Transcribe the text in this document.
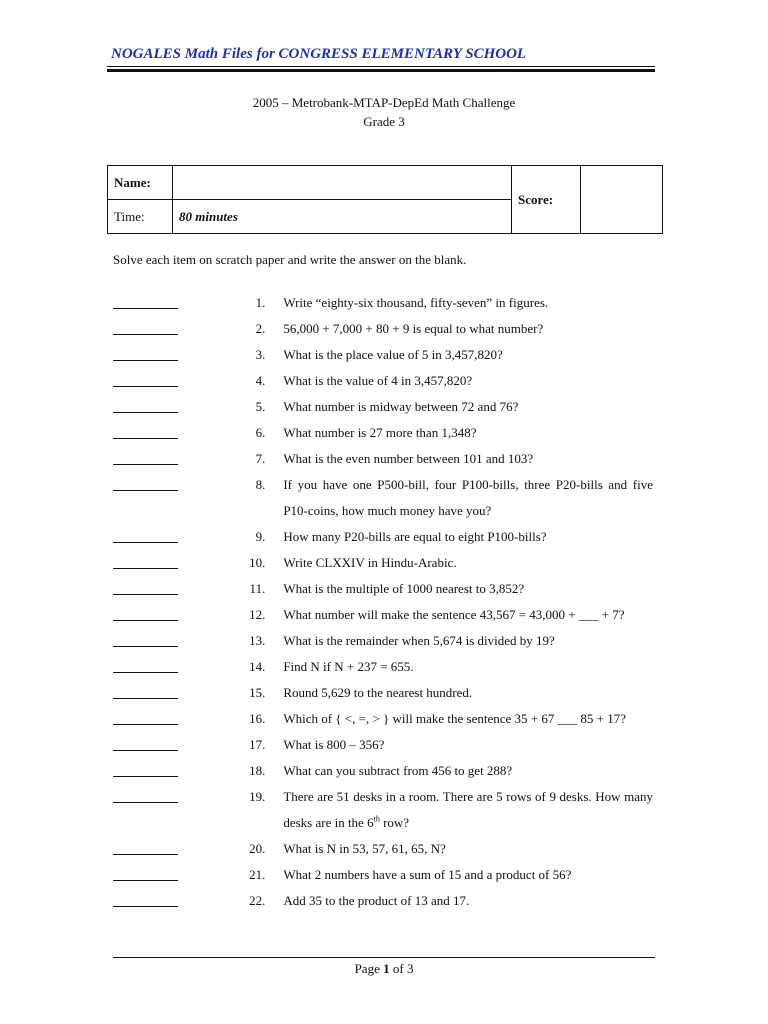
NOGALES Math Files for CONGRESS ELEMENTARY SCHOOL
2005 – Metrobank-MTAP-DepEd Math Challenge
Grade 3
Name:		Score:	
Time:	80 minutes		
Solve each item on scratch paper and write the answer on the blank.
1.	Write “eighty-six thousand, fifty-seven” in figures.
2.	56,000 + 7,000 + 80 + 9 is equal to what number?
3.	What is the place value of 5 in 3,457,820?
4.	What is the value of 4 in 3,457,820?
5.	What number is midway between 72 and 76?
6.	What number is 27 more than 1,348?
7.	What is the even number between 101 and 103?
8.	If you have one P500-bill, four P100-bills, three P20-bills and five P10-coins, how much money have you?
9.	How many P20-bills are equal to eight P100-bills?
10.	Write CLXXIV in Hindu-Arabic.
11.	What is the multiple of 1000 nearest to 3,852?
12.	What number will make the sentence 43,567 = 43,000 + ___ + 7?
13.	What is the remainder when 5,674 is divided by 19?
14.	Find N if N + 237 = 655.
15.	Round 5,629 to the nearest hundred.
16.	Which of { <, =, > } will make the sentence 35 + 67 ___ 85 + 17?
17.	What is 800 – 356?
18.	What can you subtract from 456 to get 288?
19.	There are 51 desks in a room. There are 5 rows of 9 desks. How many desks are in the 6th row?
20.	What is N in 53, 57, 61, 65, N?
21.	What 2 numbers have a sum of 15 and a product of 56?
22.	Add 35 to the product of 13 and 17.
Page 1 of 3
